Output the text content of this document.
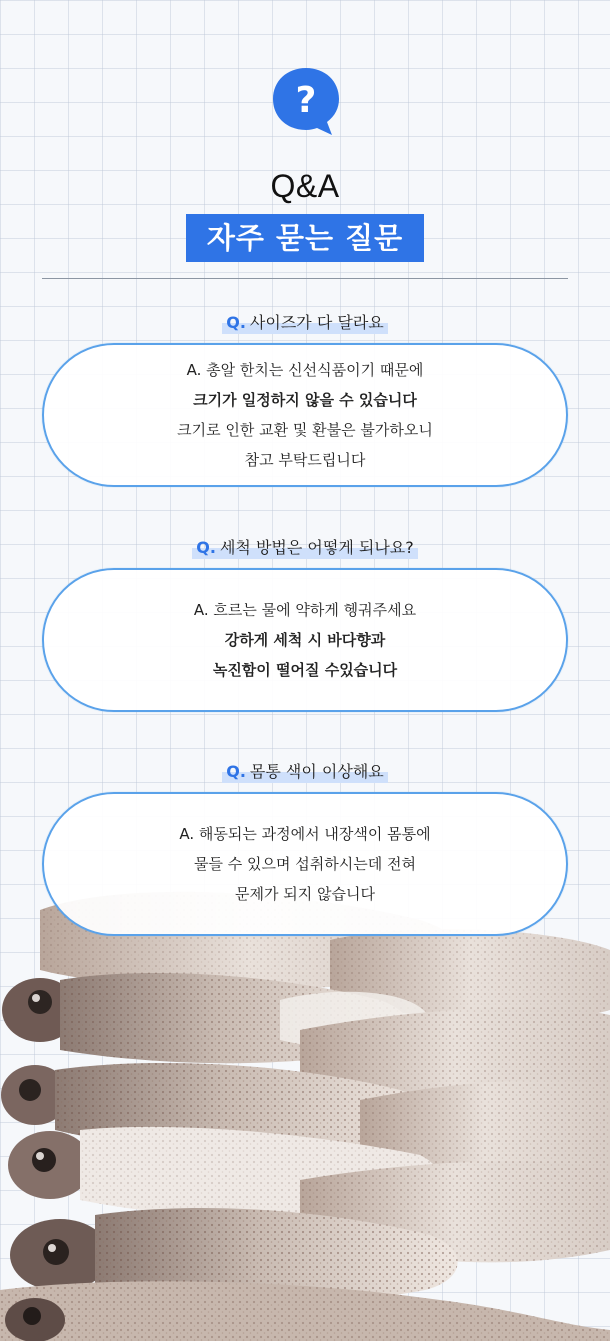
?
Q&A
자주 묻는 질문
Q. 사이즈가 다 달라요
A. 총알 한치는 신선식품이기 때문에
크기가 일정하지 않을 수 있습니다
크기로 인한 교환 및 환불은 불가하오니
참고 부탁드립니다
Q. 세척 방법은 어떻게 되나요?
A. 흐르는 물에 약하게 헹궈주세요
강하게 세척 시 바다향과
녹진함이 떨어질 수있습니다
Q. 몸통 색이 이상해요
A. 해동되는 과정에서 내장색이 몸통에
물들 수 있으며 섭취하시는데 전혀
문제가 되지 않습니다
